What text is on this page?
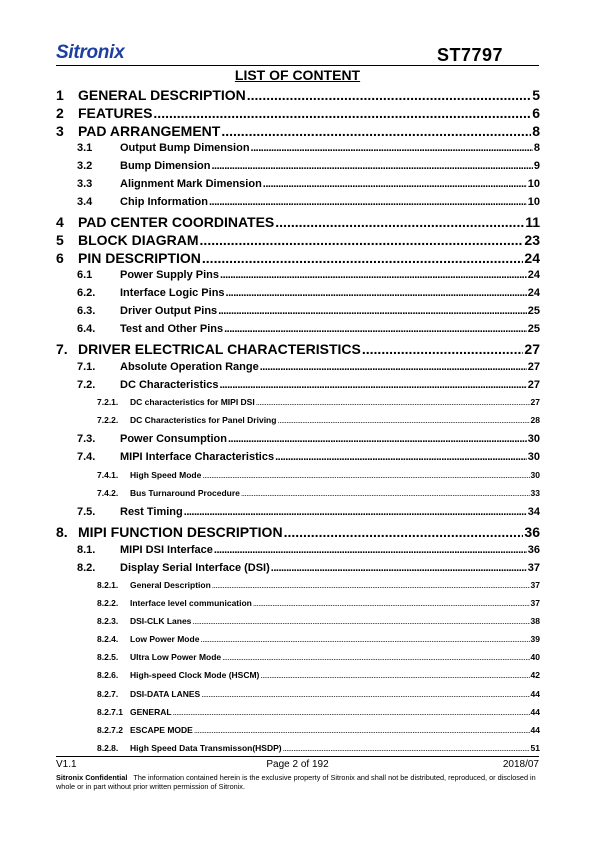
Sitronix	ST7797
LIST OF CONTENT
1	GENERAL DESCRIPTION .....	5
2	FEATURES .....	6
3	PAD ARRANGEMENT .....	8
3.1	Output Bump Dimension .....	8
3.2	Bump Dimension .....	9
3.3	Alignment Mark Dimension .....	10
3.4	Chip Information .....	10
4	PAD CENTER COORDINATES .....	11
5	BLOCK DIAGRAM .....	23
6	PIN DESCRIPTION .....	24
6.1	Power Supply Pins .....	24
6.2.	Interface Logic Pins .....	24
6.3.	Driver Output Pins .....	25
6.4.	Test and Other Pins .....	25
7. DRIVER ELECTRICAL CHARACTERISTICS .....	27
7.1.	Absolute Operation Range .....	27
7.2.	DC Characteristics .....	27
7.2.1.	DC characteristics for MIPI DSI .....	27
7.2.2.	DC Characteristics for Panel Driving .....	28
7.3.	Power Consumption .....	30
7.4.	MIPI Interface Characteristics .....	30
7.4.1.	High Speed Mode .....	30
7.4.2.	Bus Turnaround Procedure .....	33
7.5.	Rest Timing .....	34
8. MIPI FUNCTION DESCRIPTION .....	36
8.1.	MIPI DSI Interface .....	36
8.2.	Display Serial Interface (DSI) .....	37
8.2.1.	General Description .....	37
8.2.2.	Interface level communication .....	37
8.2.3.	DSI-CLK Lanes .....	38
8.2.4.	Low Power Mode .....	39
8.2.5.	Ultra Low Power Mode .....	40
8.2.6.	High-speed Clock Mode (HSCM) .....	42
8.2.7.	DSI-DATA LANES .....	44
8.2.7.1 GENERAL .....	44
8.2.7.2 ESCAPE MODE .....	44
8.2.8.	High Speed Data Transmisson(HSDP) .....	51
V1.1	Page 2 of 192	2018/07
Sitronix Confidential The information contained herein is the exclusive property of Sitronix and shall not be distributed, reproduced, or disclosed in whole or in part without prior written permission of Sitronix.
